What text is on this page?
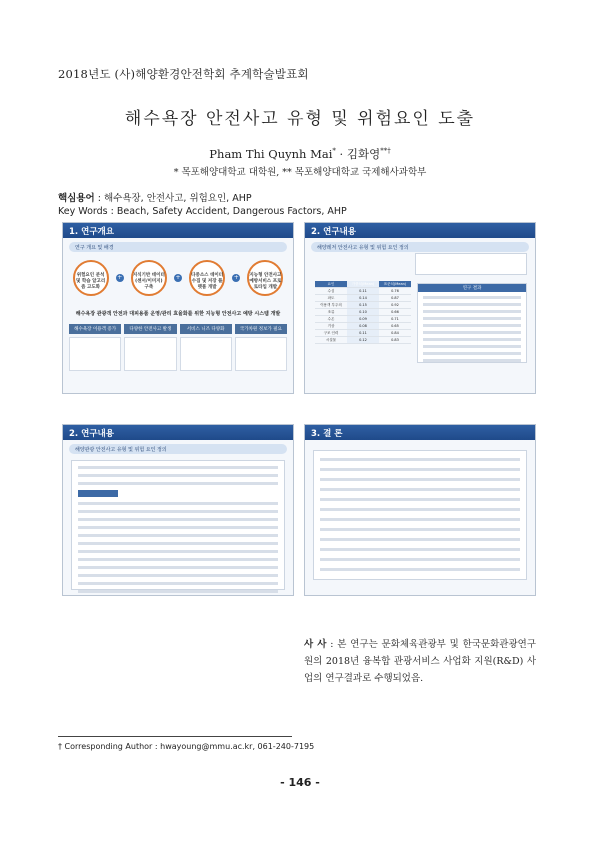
2018년도 (사)해양환경안전학회 추계학술발표회
해수욕장 안전사고 유형 및 위험요인 도출
Pham Thi Quynh Mai* · 김화영**†
* 목포해양대학교 대학원, ** 목포해양대학교 국제해사과학부
핵심용어 : 해수욕장, 안전사고, 위험요인, AHP
Key Words : Beach, Safety Accident, Dangerous Factors, AHP
1. 연구개요
연구 개요 및 배경
위험요인 분석 및 학습 알고리즘 고도화
+	지식기반 데이터(센서/이미지) 구축
+	다중소스 데이터 수집 및 저장 플랫폼 개발
+	지능형 안전사고 예방서비스 프로토타입 개발
해수욕장 관광객 안전과 대피용품 운영/관리 효율화를 위한 지능형 안전사고 예방 시스템 개발
해수욕장 이용객 증가	다양한 안전사고 발생	서비스 니즈 다양화	국가차원 정보가 필요
2. 연구내용
해양레저 안전사고 유형 및 위험 요인 정의
요인	가중치(Mean)	표준치(Mean)
수심	0.11	0.76
파도	0.14	0.87
이용객 부주의	0.15	0.92
조류	0.10	0.66
수온	0.09	0.71
기상	0.08	0.65
구조 인력	0.11	0.84
시설물	0.12	0.83
연구 결과
2. 연구내용
해양관광 안전사고 유형 및 위험 요인 정의
3. 결 론
사 사 : 본 연구는 문화체육관광부 및 한국문화관광연구원의 2018년 융복합 관광서비스 사업화 지원(R&D) 사업의 연구결과로 수행되었음.
† Corresponding Author : hwayoung@mmu.ac.kr, 061-240-7195
- 146 -
